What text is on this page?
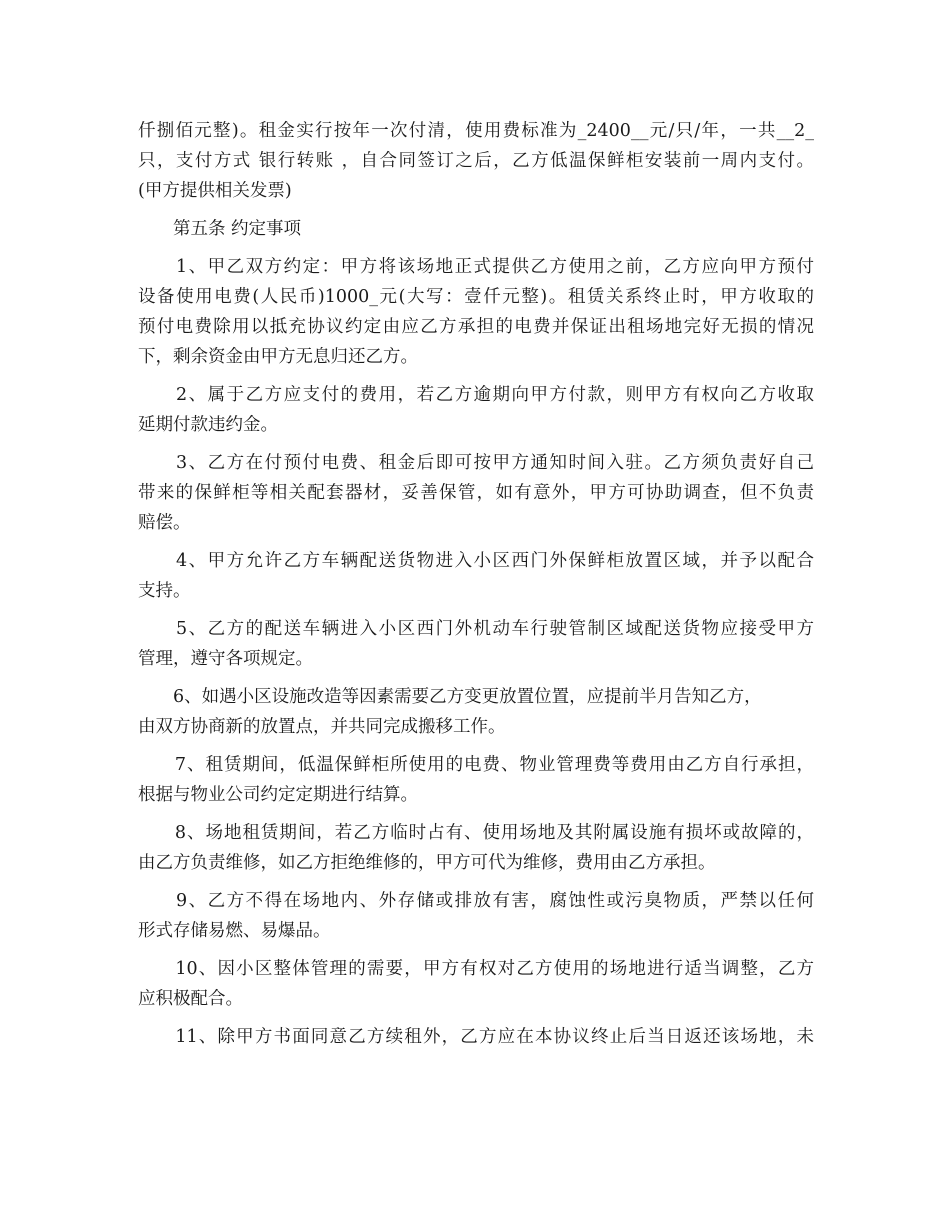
仟捌佰元整)。租金实行按年一次付清，使用费标准为_2400__元/只/年，一共__2_
只，支付方式 银行转账 ，自合同签订之后，乙方低温保鲜柜安装前一周内支付。
(甲方提供相关发票)
　　第五条 约定事项
　　1、甲乙双方约定：甲方将该场地正式提供乙方使用之前，乙方应向甲方预付
设备使用电费(人民币)1000_元(大写：壹仟元整)。租赁关系终止时，甲方收取的
预付电费除用以抵充协议约定由应乙方承担的电费并保证出租场地完好无损的情况
下，剩余资金由甲方无息归还乙方。
　　2、属于乙方应支付的费用，若乙方逾期向甲方付款，则甲方有权向乙方收取
延期付款违约金。
　　3、乙方在付预付电费、租金后即可按甲方通知时间入驻。乙方须负责好自己
带来的保鲜柜等相关配套器材，妥善保管，如有意外，甲方可协助调查，但不负责
赔偿。
　　4、甲方允许乙方车辆配送货物进入小区西门外保鲜柜放置区域，并予以配合
支持。
　　5、乙方的配送车辆进入小区西门外机动车行驶管制区域配送货物应接受甲方
管理，遵守各项规定。
　　6、如遇小区设施改造等因素需要乙方变更放置位置，应提前半月告知乙方，
由双方协商新的放置点，并共同完成搬移工作。
　　7、租赁期间，低温保鲜柜所使用的电费、物业管理费等费用由乙方自行承担，
根据与物业公司约定定期进行结算。
　　8、场地租赁期间，若乙方临时占有、使用场地及其附属设施有损坏或故障的，
由乙方负责维修，如乙方拒绝维修的，甲方可代为维修，费用由乙方承担。
　　9、乙方不得在场地内、外存储或排放有害，腐蚀性或污臭物质，严禁以任何
形式存储易燃、易爆品。
　　10、因小区整体管理的需要，甲方有权对乙方使用的场地进行适当调整，乙方
应积极配合。
　　11、除甲方书面同意乙方续租外，乙方应在本协议终止后当日返还该场地，未
